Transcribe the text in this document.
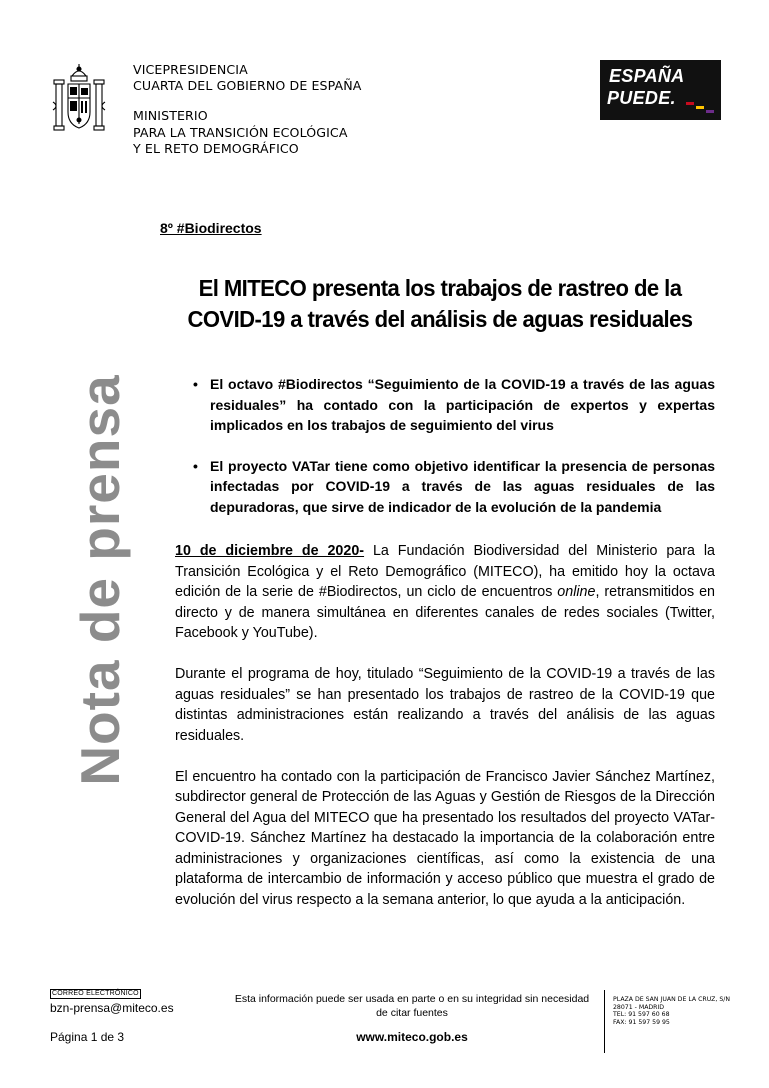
VICEPRESIDENCIA
CUARTA DEL GOBIERNO DE ESPAÑA
MINISTERIO
PARA LA TRANSICIÓN ECOLÓGICA
Y EL RETO DEMOGRÁFICO
ESPAÑA
PUEDE.
Nota de prensa
8º #Biodirectos
El MITECO presenta los trabajos de rastreo de la
COVID-19 a través del análisis de aguas residuales
• El octavo #Biodirectos “Seguimiento de la COVID-19 a través de las aguas residuales” ha contado con la participación de expertos y expertas implicados en los trabajos de seguimiento del virus
• El proyecto VATar tiene como objetivo identificar la presencia de personas infectadas por COVID-19 a través de las aguas residuales de las depuradoras, que sirve de indicador de la evolución de la pandemia

10 de diciembre de 2020- La Fundación Biodiversidad del Ministerio para la Transición Ecológica y el Reto Demográfico (MITECO), ha emitido hoy la octava edición de la serie de #Biodirectos, un ciclo de encuentros online, retransmitidos en directo y de manera simultánea en diferentes canales de redes sociales (Twitter, Facebook y YouTube).

Durante el programa de hoy, titulado “Seguimiento de la COVID-19 a través de las aguas residuales” se han presentado los trabajos de rastreo de la COVID-19 que distintas administraciones están realizando a través del análisis de las aguas residuales.

El encuentro ha contado con la participación de Francisco Javier Sánchez Martínez, subdirector general de Protección de las Aguas y Gestión de Riesgos de la Dirección General del Agua del MITECO que ha presentado los resultados del proyecto VATar-COVID-19. Sánchez Martínez ha destacado la importancia de la colaboración entre administraciones y organizaciones científicas, así como la existencia de una plataforma de intercambio de información y acceso público que muestra el grado de evolución del virus respecto a la semana anterior, lo que ayuda a la anticipación.

CORREO ELECTRÓNICO
bzn-prensa@miteco.es
Página 1 de 3
Esta información puede ser usada en parte o en su integridad sin necesidad de citar fuentes
www.miteco.gob.es
PLAZA DE SAN JUAN DE LA CRUZ, S/N
28071 - MADRID
TEL: 91 597 60 68
FAX: 91 597 59 95
